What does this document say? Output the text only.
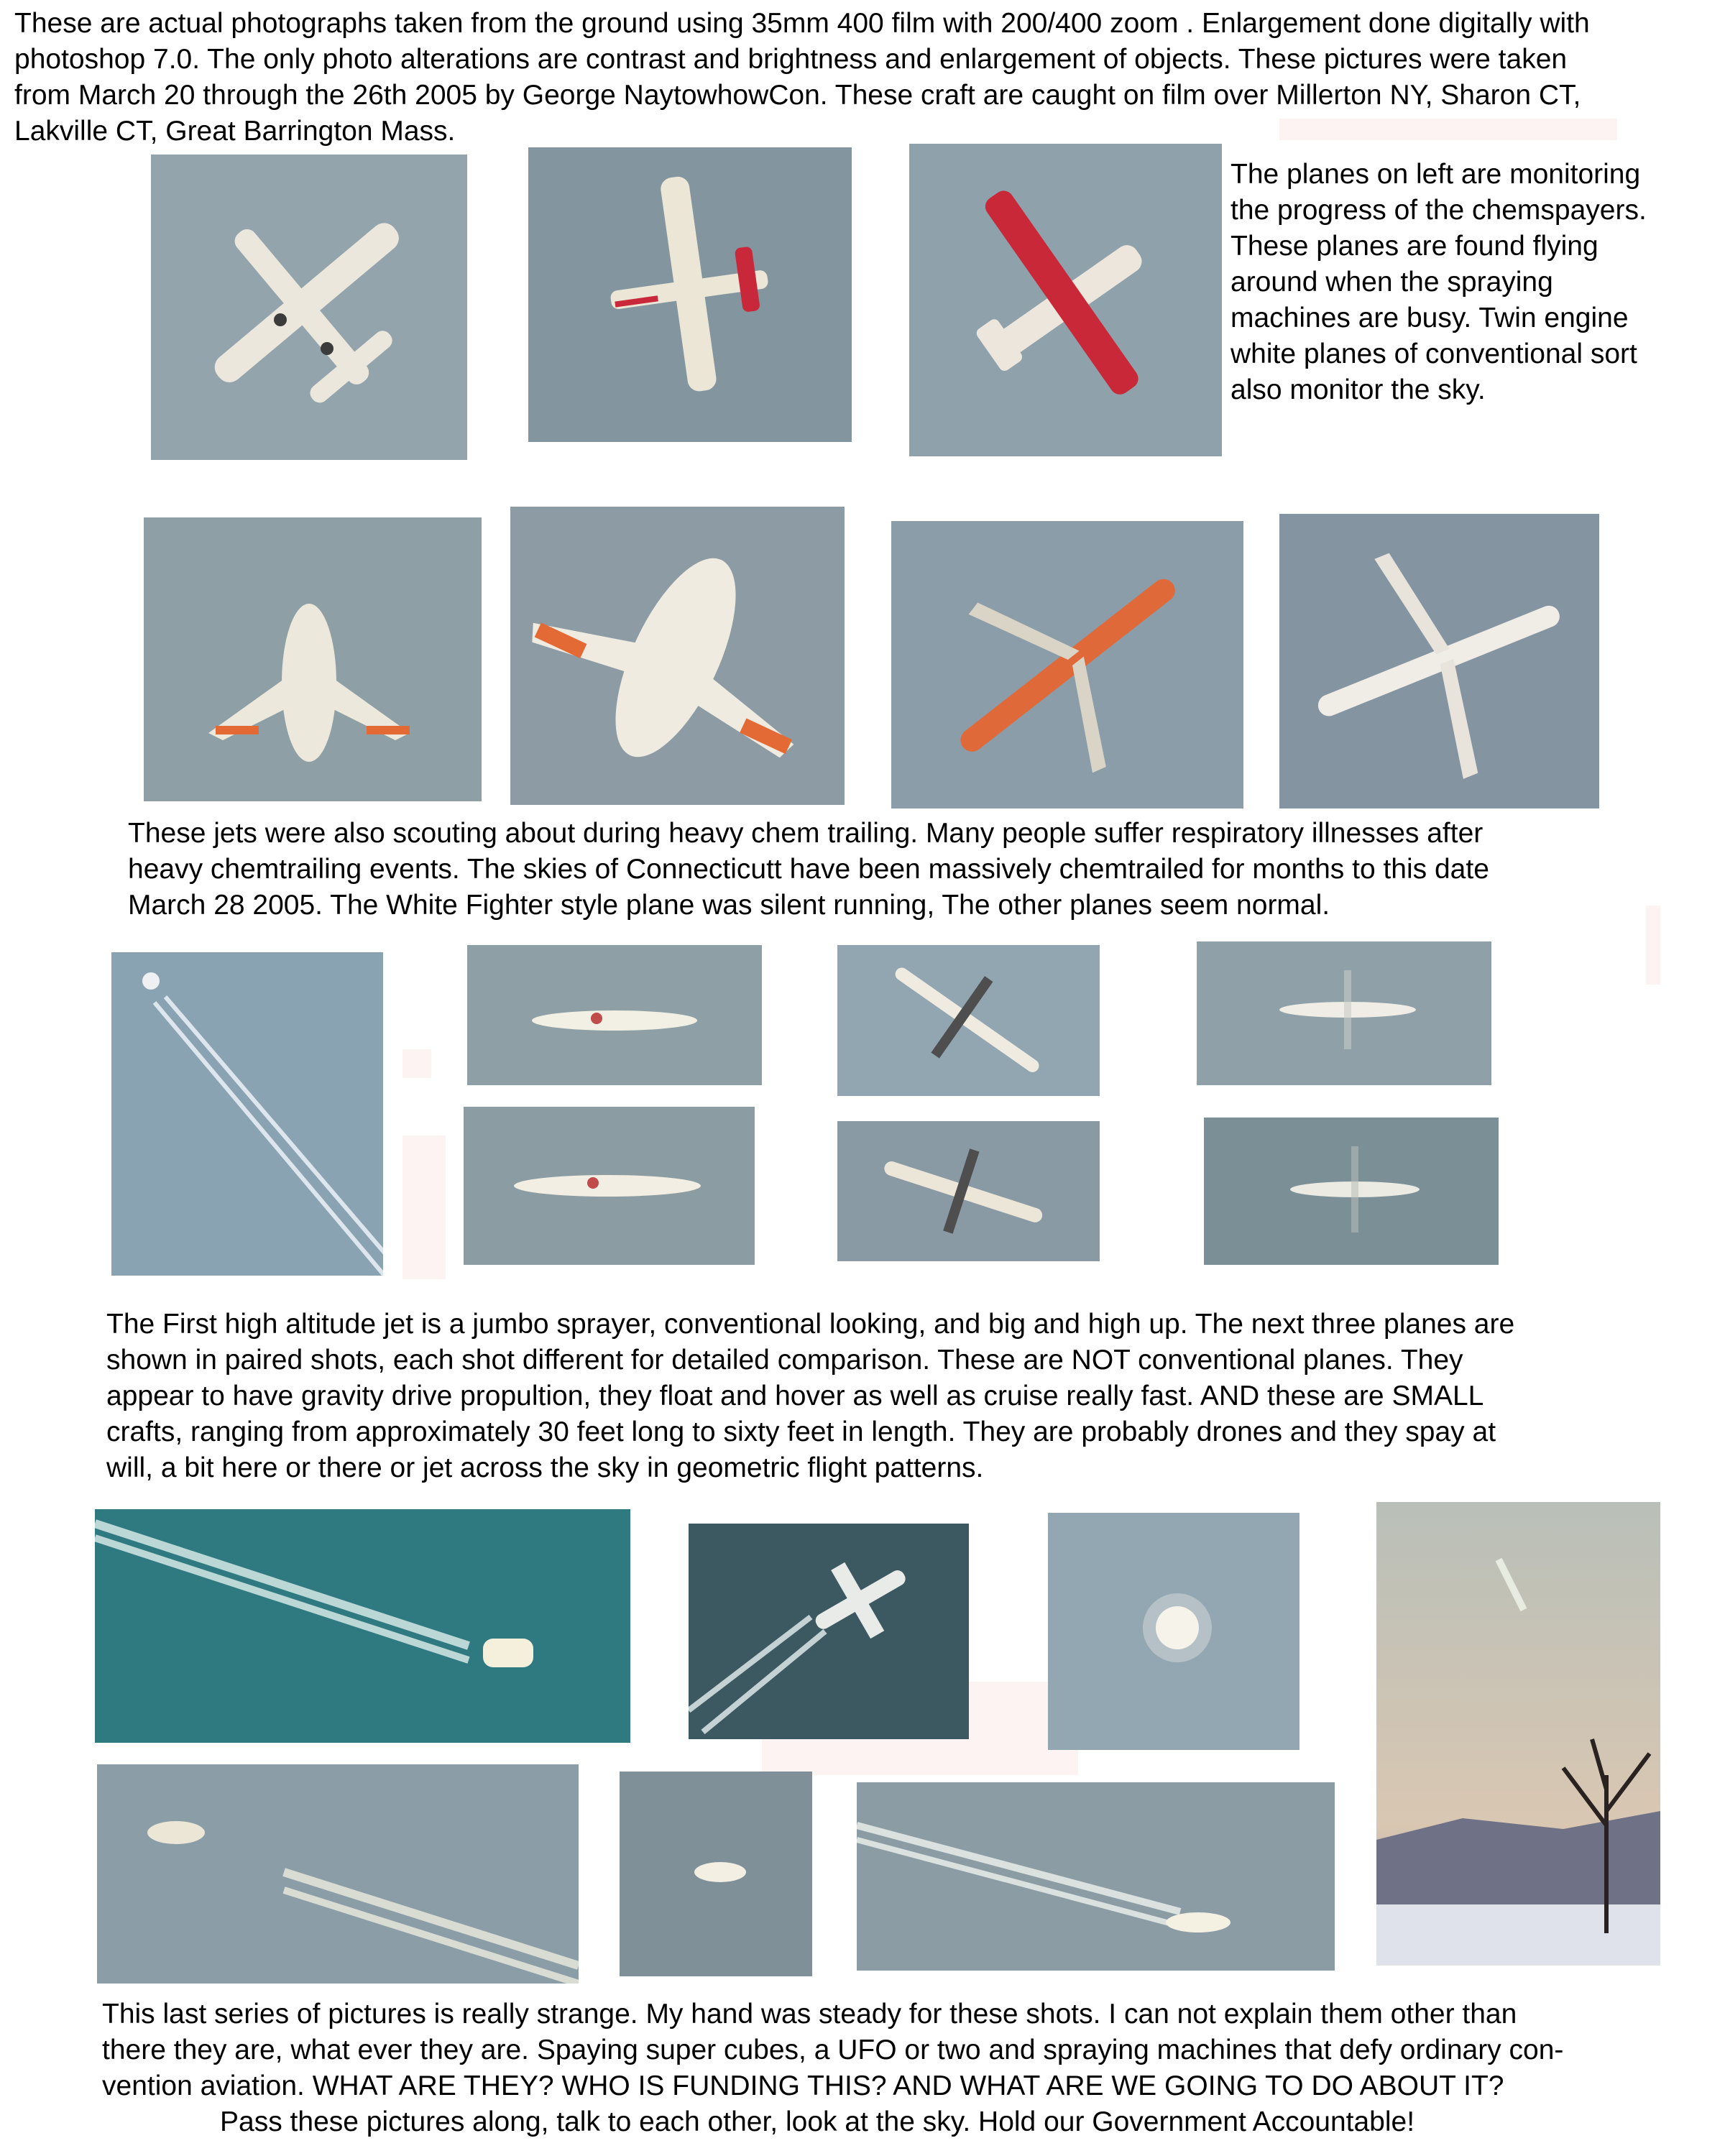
These are actual photographs taken from the ground using 35mm 400 film with 200/400 zoom . Enlargement done digitally with
photoshop 7.0. The only photo alterations are contrast and brightness and enlargement of objects. These pictures were taken
from March 20 through the 26th 2005 by George NaytowhowCon. These craft are caught on film over Millerton NY, Sharon CT,
Lakville CT, Great Barrington Mass.
The planes on left are monitoring
the progress of the chemspayers.
These planes are found flying
around when the spraying
machines are busy. Twin engine
white planes of conventional sort
also monitor the sky.
These jets were also scouting about during heavy chem trailing. Many people suffer respiratory illnesses after
heavy chemtrailing events. The skies of Connecticutt have been massively chemtrailed for months to this date
March 28 2005. The White Fighter style plane was silent running, The other planes seem normal.
The First high altitude jet is a jumbo sprayer, conventional looking, and big and high up. The next three planes are
shown in paired shots, each shot different for detailed comparison. These are NOT conventional planes. They
appear to have gravity drive propultion, they float and hover as well as cruise really fast. AND these are SMALL
crafts, ranging from approximately 30 feet long to sixty feet in length. They are probably drones and they spay at
will, a bit here or there or jet across the sky in geometric flight patterns.
This last series of pictures is really strange. My hand was steady for these shots. I can not explain them other than
there they are, what ever they are. Spaying super cubes, a UFO or two and spraying machines that defy ordinary con-
vention aviation. WHAT ARE THEY? WHO IS FUNDING THIS? AND WHAT ARE WE GOING TO DO ABOUT IT?
Pass these pictures along, talk to each other, look at the sky. Hold our Government Accountable!
